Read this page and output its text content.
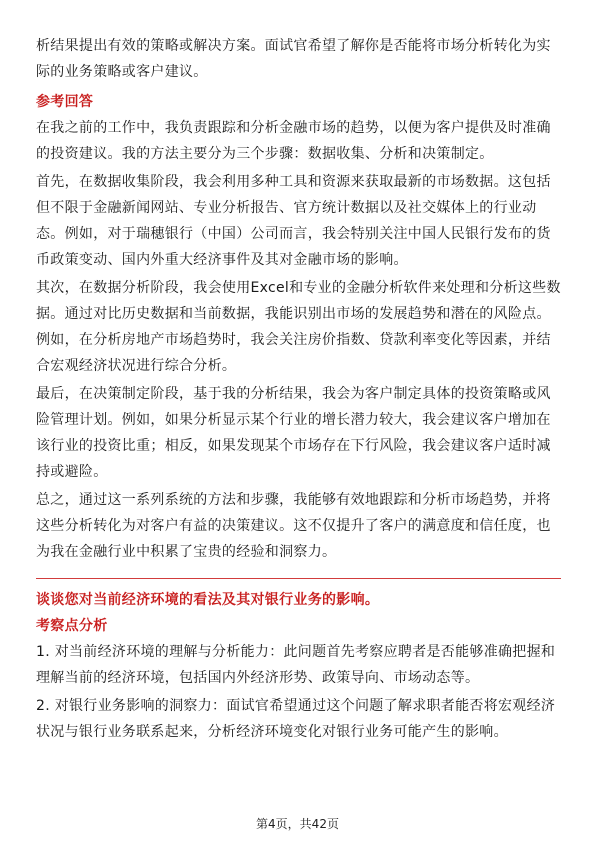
析结果提出有效的策略或解决方案。面试官希望了解你是否能将市场分析转化为实际的业务策略或客户建议。

参考回答

在我之前的工作中，我负责跟踪和分析金融市场的趋势，以便为客户提供及时准确的投资建议。我的方法主要分为三个步骤：数据收集、分析和决策制定。

首先，在数据收集阶段，我会利用多种工具和资源来获取最新的市场数据。这包括但不限于金融新闻网站、专业分析报告、官方统计数据以及社交媒体上的行业动态。例如，对于瑞穗银行（中国）公司而言，我会特别关注中国人民银行发布的货币政策变动、国内外重大经济事件及其对金融市场的影响。

其次，在数据分析阶段，我会使用Excel和专业的金融分析软件来处理和分析这些数据。通过对比历史数据和当前数据，我能识别出市场的发展趋势和潜在的风险点。例如，在分析房地产市场趋势时，我会关注房价指数、贷款利率变化等因素，并结合宏观经济状况进行综合分析。

最后，在决策制定阶段，基于我的分析结果，我会为客户制定具体的投资策略或风险管理计划。例如，如果分析显示某个行业的增长潜力较大，我会建议客户增加在该行业的投资比重；相反，如果发现某个市场存在下行风险，我会建议客户适时减持或避险。

总之，通过这一系列系统的方法和步骤，我能够有效地跟踪和分析市场趋势，并将这些分析转化为对客户有益的决策建议。这不仅提升了客户的满意度和信任度，也为我在金融行业中积累了宝贵的经验和洞察力。

谈谈您对当前经济环境的看法及其对银行业务的影响。

考察点分析

1. 对当前经济环境的理解与分析能力：此问题首先考察应聘者是否能够准确把握和理解当前的经济环境，包括国内外经济形势、政策导向、市场动态等。

2. 对银行业务影响的洞察力：面试官希望通过这个问题了解求职者能否将宏观经济状况与银行业务联系起来，分析经济环境变化对银行业务可能产生的影响。

第4页，共42页
